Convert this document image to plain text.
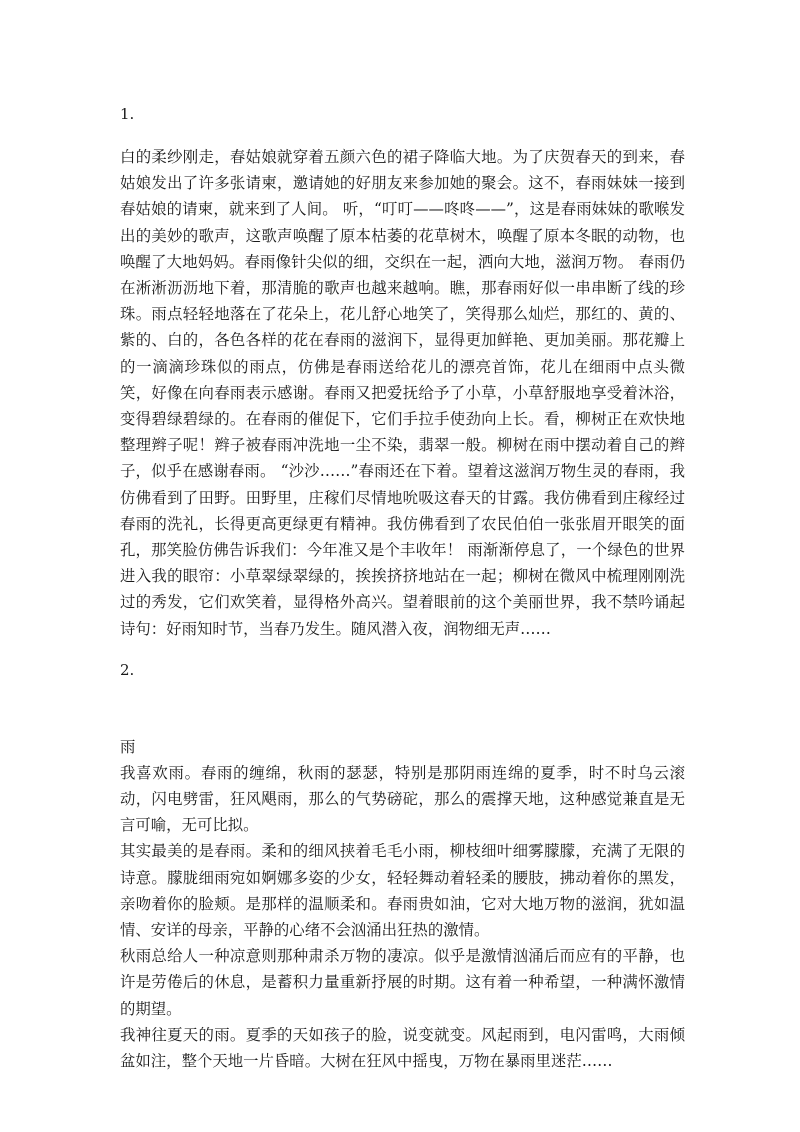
1.

白的柔纱刚走，春姑娘就穿着五颜六色的裙子降临大地。为了庆贺春天的到来，春姑娘发出了许多张请柬，邀请她的好朋友来参加她的聚会。这不，春雨妹妹一接到春姑娘的请柬，就来到了人间。 听，“叮叮——咚咚——”，这是春雨妹妹的歌喉发出的美妙的歌声，这歌声唤醒了原本枯萎的花草树木，唤醒了原本冬眠的动物，也唤醒了大地妈妈。春雨像针尖似的细，交织在一起，洒向大地，滋润万物。 春雨仍在淅淅沥沥地下着，那清脆的歌声也越来越响。瞧，那春雨好似一串串断了线的珍珠。雨点轻轻地落在了花朵上，花儿舒心地笑了，笑得那么灿烂，那红的、黄的、紫的、白的，各色各样的花在春雨的滋润下，显得更加鲜艳、更加美丽。那花瓣上的一滴滴珍珠似的雨点，仿佛是春雨送给花儿的漂亮首饰，花儿在细雨中点头微笑，好像在向春雨表示感谢。春雨又把爱抚给予了小草，小草舒服地享受着沐浴，变得碧绿碧绿的。在春雨的催促下，它们手拉手使劲向上长。看，柳树正在欢快地整理辫子呢！辫子被春雨冲洗地一尘不染，翡翠一般。柳树在雨中摆动着自己的辫子，似乎在感谢春雨。 “沙沙……”春雨还在下着。望着这滋润万物生灵的春雨，我仿佛看到了田野。田野里，庄稼们尽情地吮吸这春天的甘露。我仿佛看到庄稼经过春雨的洗礼，长得更高更绿更有精神。我仿佛看到了农民伯伯一张张眉开眼笑的面孔，那笑脸仿佛告诉我们：今年准又是个丰收年！ 雨渐渐停息了，一个绿色的世界进入我的眼帘：小草翠绿翠绿的，挨挨挤挤地站在一起；柳树在微风中梳理刚刚洗过的秀发，它们欢笑着，显得格外高兴。望着眼前的这个美丽世界，我不禁吟诵起诗句：好雨知时节，当春乃发生。随风潜入夜，润物细无声……

2.

雨

我喜欢雨。春雨的缠绵，秋雨的瑟瑟，特别是那阴雨连绵的夏季，时不时乌云滚动，闪电劈雷，狂风飓雨，那么的气势磅砣，那么的震撑天地，这种感觉兼直是无言可喻，无可比拟。

其实最美的是春雨。柔和的细风挟着毛毛小雨，柳枝细叶细雾朦朦，充满了无限的诗意。朦胧细雨宛如婀娜多姿的少女，轻轻舞动着轻柔的腰肢，拂动着你的黑发，亲吻着你的脸颊。是那样的温顺柔和。春雨贵如油，它对大地万物的滋润，犹如温情、安详的母亲，平静的心绪不会汹涌出狂热的激情。

秋雨总给人一种凉意则那种肃杀万物的凄凉。似乎是激情汹涌后而应有的平静，也许是劳倦后的休息，是蓄积力量重新抒展的时期。这有着一种希望，一种满怀激情的期望。

我神往夏天的雨。夏季的天如孩子的脸，说变就变。风起雨到，电闪雷鸣，大雨倾盆如注，整个天地一片昏暗。大树在狂风中摇曳，万物在暴雨里迷茫……
